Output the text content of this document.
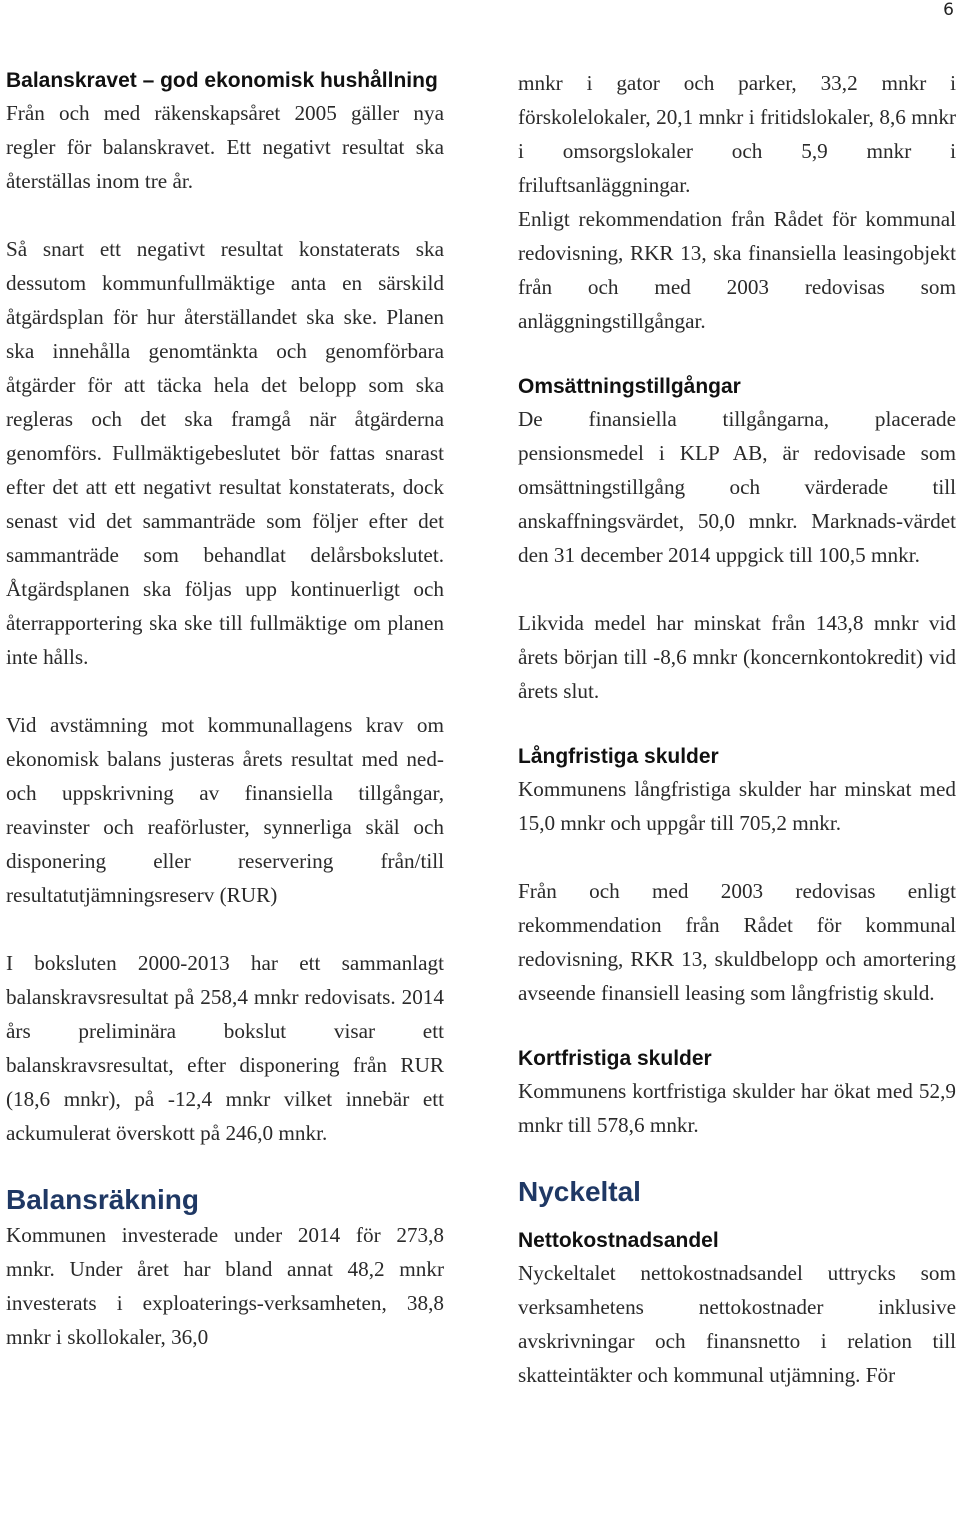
6
Balanskravet – god ekonomisk hushållning

Från och med räkenskapsåret 2005 gäller nya regler för balanskravet. Ett negativt resultat ska återställas inom tre år.

Så snart ett negativt resultat konstaterats ska dessutom kommunfullmäktige anta en särskild åtgärdsplan för hur återställandet ska ske. Planen ska innehålla genomtänkta och genomförbara åtgärder för att täcka hela det belopp som ska regleras och det ska framgå när åtgärderna genomförs. Fullmäktigebeslutet bör fattas snarast efter det att ett negativt resultat konstaterats, dock senast vid det sammanträde som följer efter det sammanträde som behandlat delårsbokslutet. Åtgärdsplanen ska följas upp kontinuerligt och återrapportering ska ske till fullmäktige om planen inte hålls.

Vid avstämning mot kommunallagens krav om ekonomisk balans justeras årets resultat med ned- och uppskrivning av finansiella tillgångar, reavinster och reaförluster, synnerliga skäl och disponering eller reservering från/till resultatutjämningsreserv (RUR)

I boksluten 2000-2013 har ett sammanlagt balanskravsresultat på 258,4 mnkr redovisats. 2014 års preliminära bokslut visar ett balanskravsresultat, efter disponering från RUR (18,6 mnkr), på -12,4 mnkr vilket innebär ett ackumulerat överskott på 246,0 mnkr.

Balansräkning

Kommunen investerade under 2014 för 273,8 mnkr. Under året har bland annat 48,2 mnkr investerats i exploaterings-verksamheten, 38,8 mnkr i skollokaler, 36,0

mnkr i gator och parker, 33,2 mnkr i förskolelokaler, 20,1 mnkr i fritidslokaler, 8,6 mnkr i omsorgslokaler och 5,9 mnkr i friluftsanläggningar.

Enligt rekommendation från Rådet för kommunal redovisning, RKR 13, ska finansiella leasingobjekt från och med 2003 redovisas som anläggningstillgångar.

Omsättningstillgångar

De finansiella tillgångarna, placerade pensionsmedel i KLP AB, är redovisade som omsättningstillgång och värderade till anskaffningsvärdet, 50,0 mnkr. Marknads-värdet den 31 december 2014 uppgick till 100,5 mnkr.

Likvida medel har minskat från 143,8 mnkr vid årets början till -8,6 mnkr (koncernkontokredit) vid årets slut.

Långfristiga skulder

Kommunens långfristiga skulder har minskat med 15,0 mnkr och uppgår till 705,2 mnkr.

Från och med 2003 redovisas enligt rekommendation från Rådet för kommunal redovisning, RKR 13, skuldbelopp och amortering avseende finansiell leasing som långfristig skuld.

Kortfristiga skulder

Kommunens kortfristiga skulder har ökat med 52,9 mnkr till 578,6 mnkr.

Nyckeltal
Nettokostnadsandel

Nyckeltalet nettokostnadsandel uttrycks som verksamhetens nettokostnader inklusive avskrivningar och finansnetto i relation till skatteintäkter och kommunal utjämning. För
